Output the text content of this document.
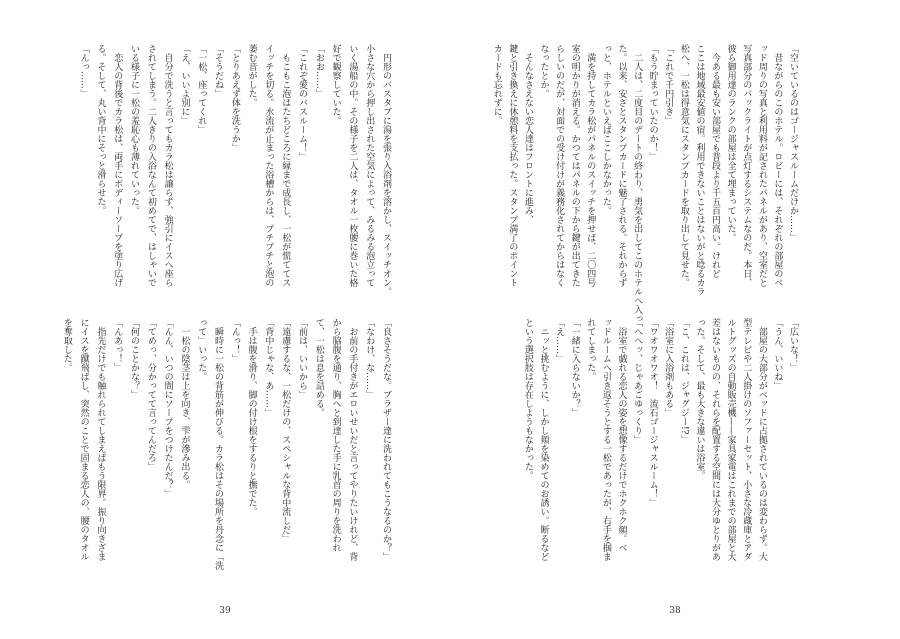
円形のバスタブに湯を張り入浴剤を溶かし、スイッチオン。
小さな穴から押し出された空気によって、みるみる泡立って
いく湯船の中。その様子を二人は、タオル一枚腰に巻いた格
好で観察していた。
「おお……」
「これぞ愛のバスルーム！」
もこもこ泡はたちどころに縁まで成長し、一松が慌ててス
イッチを切る。水流が止まった浴槽からは、プチプチと泡の
萎む音がした。
「とりあえず体を洗うか」
「そうだね」
「一松、座ってくれ」
「え、いいよ別に」
自分で洗うと言ってもカラ松は譲らず、強引にイスへ座ら
されてしまう。二人きりの入浴なんて初めてで、はしゃいで
いる様子に一松の羞恥心も薄れていった。
恋人の背後でカラ松は、両手にボディーソープを塗り広げ
る。そして、丸い背中にそっと滑らせた。
「んっ……」
「良さそうだな。ブラザー達に洗われてもこうなるのか？」
「なわけ、な……」
お前の手付きがエロいせいだと言ってやりたいけれど、背
から脇腹を通り、胸へと到達した手に乳首の周りを洗われ
て、一松は息を詰める。
「前は、いいから」
「遠慮するな、一松だけの、スペシャルな背中流しだ」
「背中じゃな、あ……」
手は腹を滑り、脚の付け根をするりと撫でた。
「んっ！」
瞬時に一松の背筋が伸びる。カラ松はその場所を丹念に「洗
って」いった。
一松の陰茎は上を向き、雫が滲み出る。
「んん、いつの間にソープをつけたんだ？」
「てめっ、分かってて言ってんだろ」
「何のことかな？」
「んあっ！」
指先だけでも触れられてしまえばもう限界。振り向きざま
にイスを蹴飛ばし、突然のことで固まる恋人の、腰のタオル
を奪取した。
39
「空いているのはゴージャスルームだけか……」
昔ながらのこのホテル。ロビーには、それぞれの部屋のベ
ッド周りの写真と利用料が記されたパネルがあり、空室だと
写真部分のバックライトが点灯するシステムなのだ。本日、
彼ら御用達のランクの部屋は全て埋まっていた。
今ある最も安い部屋でも普段より千五百円高い。けれど
ここは地域最安値の宿。利用できないことはないがと唸るカラ
松へ、一松は得意気にスタンプカードを取り出して見せた。
「これで千円引き」
「もう貯まっていたのか！」
二人は、二度目のデートの終わり、勇気を出してこのホテルへ入っ
た。以来、安さとスタンプカードに魅了される。それからず
っと、ホテルといえばここしかなかった。
満を持してカラ松がパネルのスイッチを押せば、二〇四号
室の明かりが消える。かつてはパネルの下から鍵が出てきた
らしいのだが、対面での受け付けが義務化されてからはなく
なったとか。
そんなさえない恋人達はフロントに進み、
鍵と引き換えに休憩料を支払った。スタンプ満了のポイント
カードも忘れずに。
「広いな！」
「うん、いいね」
部屋の大部分がベッドに占拠されているのは変わらず。大
型テレビや二人掛けのソファーセット、小さな冷蔵庫とアダ
ルトグッズの自動販売機——家具家電はこれまでの部屋と大
差はないものの、それらを配置する空間には大分ゆとりがあ
った。そして、最も大きな違いは浴室。
「こ、これは、ジャグジー!?」
「浴室に入浴剤もある」
「ワオワオワオ！　流石ゴージャスルーム！」
「へへッ、じゃあごゆっくり」
浴室で戯れる恋人の姿を想像するだけでホクホク顔。ベ
ッドルームへ引き返そうとする一松であったが、右手を掴ま
れてしまった。
「一緒に入らないか？」
「え……」
ニッと挑むように、しかし頬を染めてのお誘い。断るなど
という選択肢は存在しようもなかった。
38
